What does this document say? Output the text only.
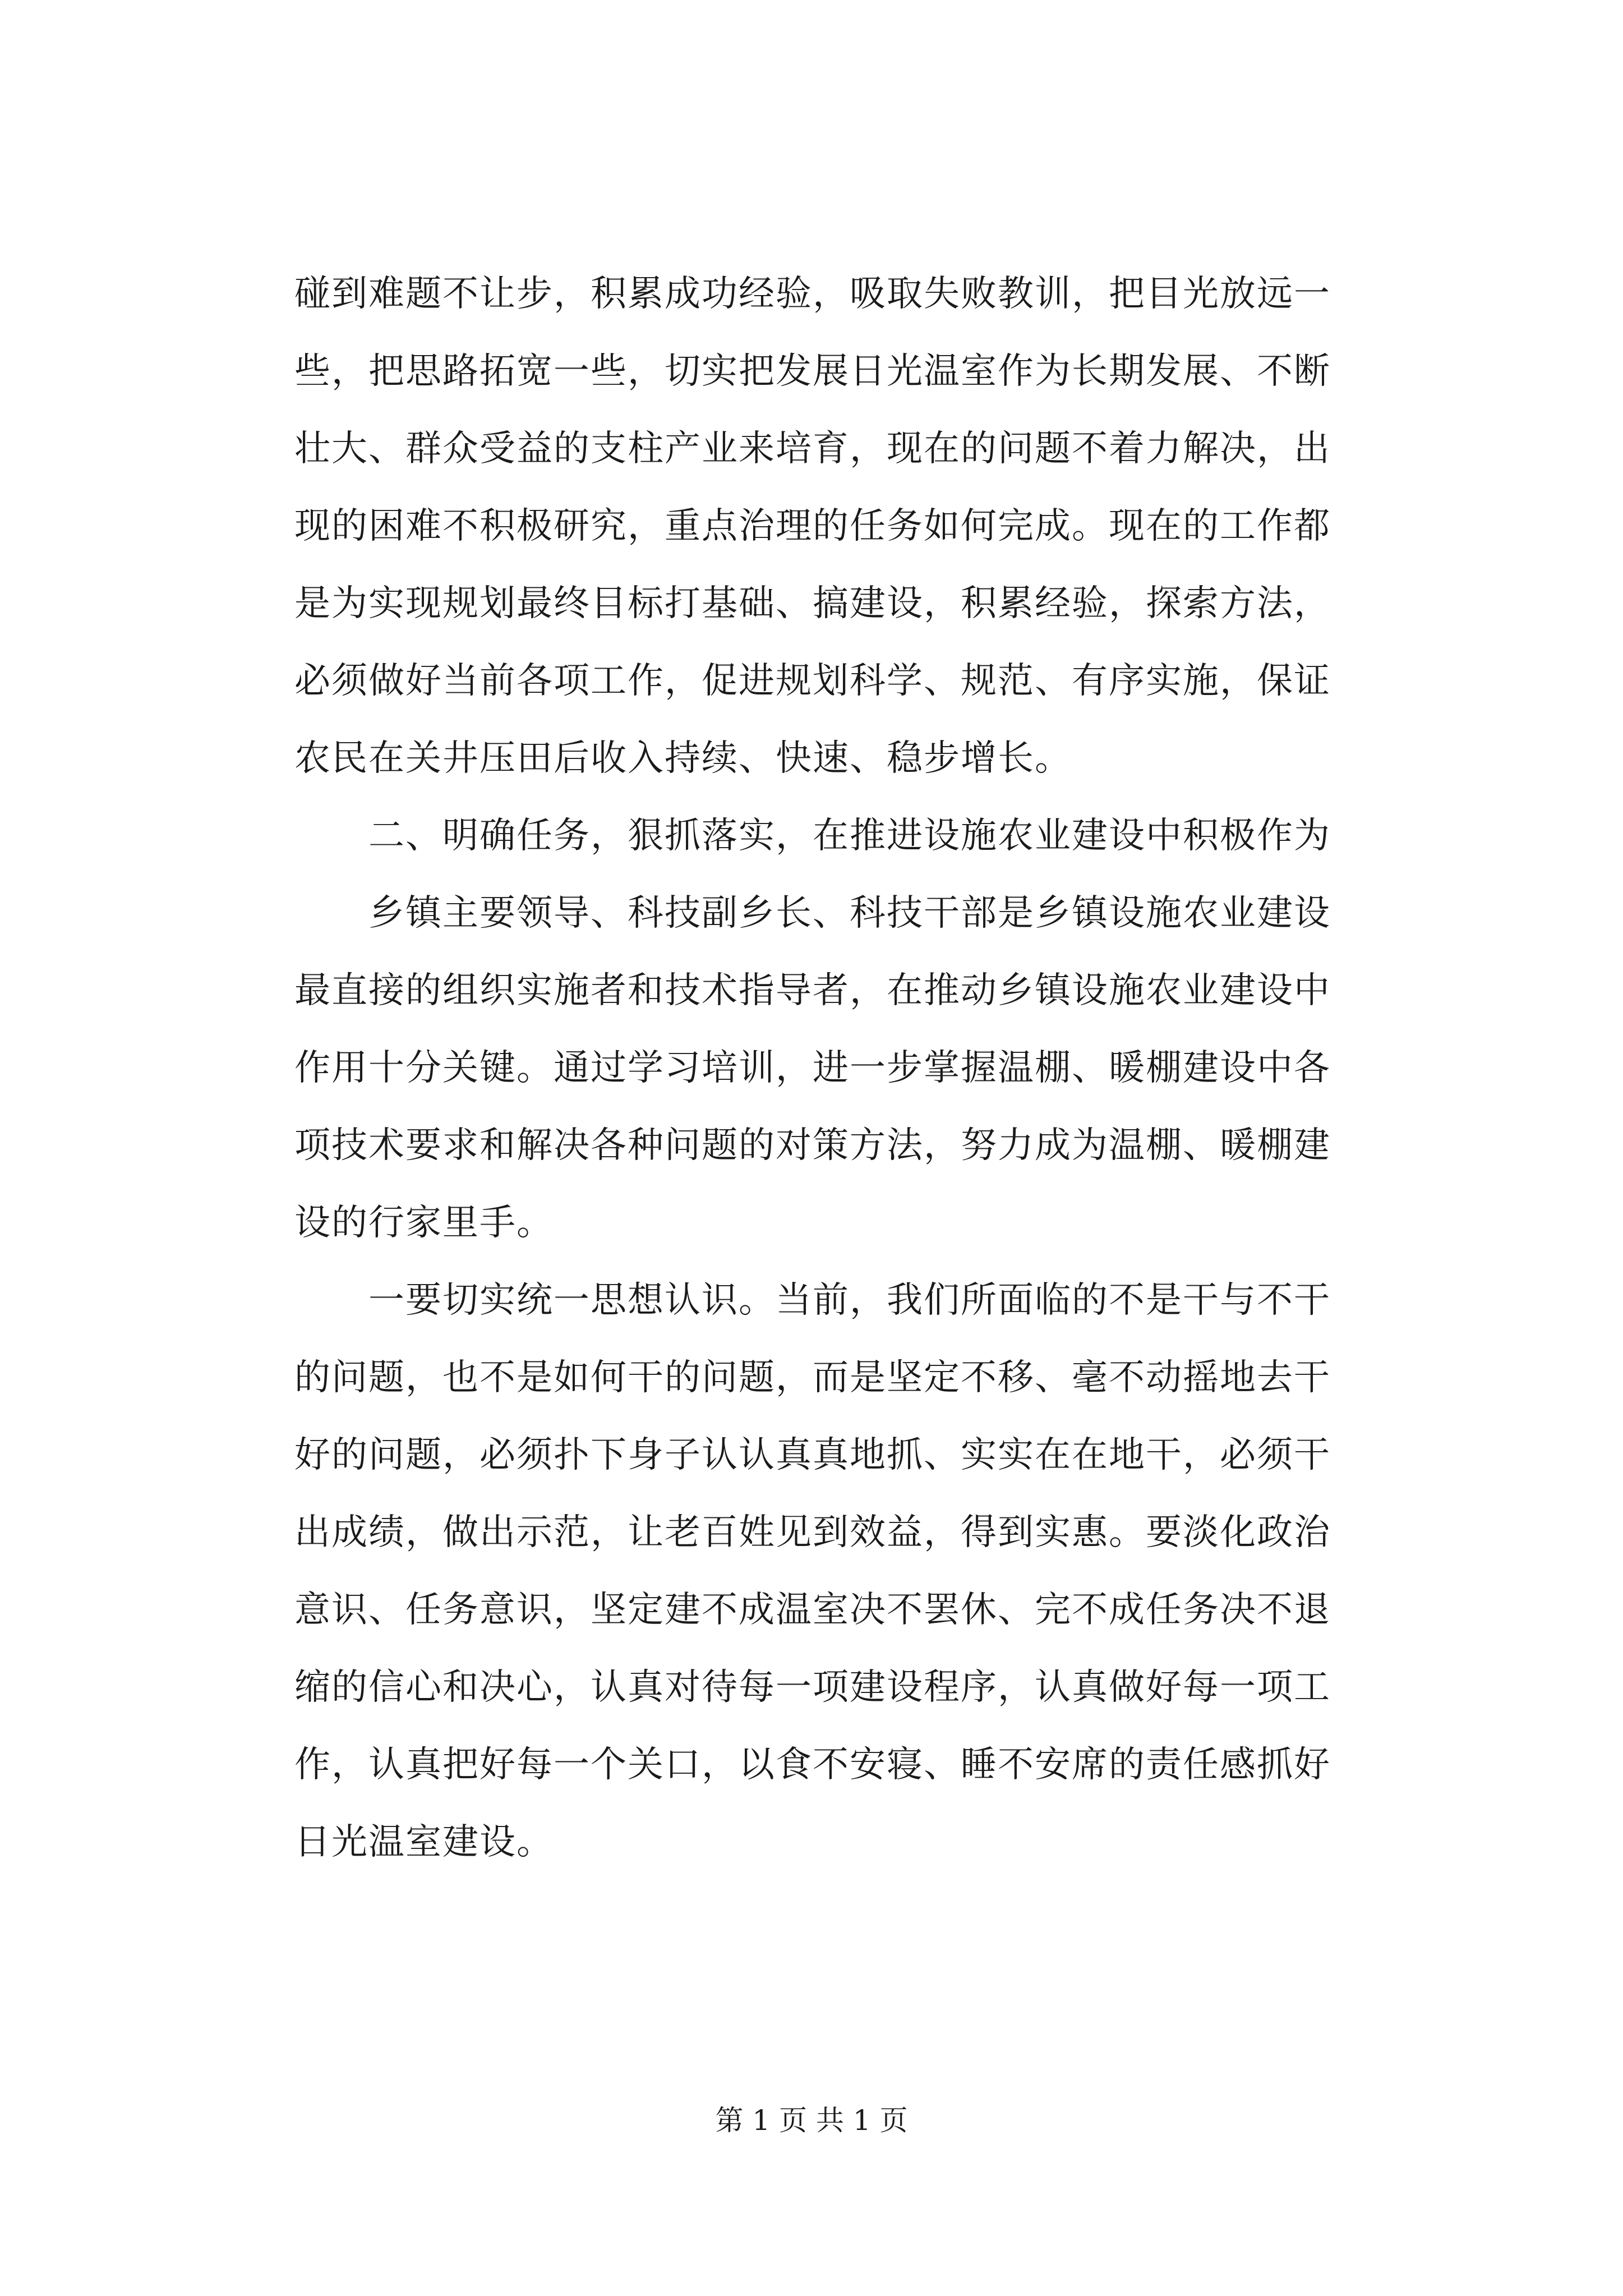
碰到难题不让步，积累成功经验，吸取失败教训，把目光放远一
些，把思路拓宽一些，切实把发展日光温室作为长期发展、不断
壮大、群众受益的支柱产业来培育，现在的问题不着力解决，出
现的困难不积极研究，重点治理的任务如何完成。现在的工作都
是为实现规划最终目标打基础、搞建设，积累经验，探索方法，
必须做好当前各项工作，促进规划科学、规范、有序实施，保证
农民在关井压田后收入持续、快速、稳步增长。
二、明确任务，狠抓落实，在推进设施农业建设中积极作为
乡镇主要领导、科技副乡长、科技干部是乡镇设施农业建设
最直接的组织实施者和技术指导者，在推动乡镇设施农业建设中
作用十分关键。通过学习培训，进一步掌握温棚、暖棚建设中各
项技术要求和解决各种问题的对策方法，努力成为温棚、暖棚建
设的行家里手。
一要切实统一思想认识。当前，我们所面临的不是干与不干
的问题，也不是如何干的问题，而是坚定不移、毫不动摇地去干
好的问题，必须扑下身子认认真真地抓、实实在在地干，必须干
出成绩，做出示范，让老百姓见到效益，得到实惠。要淡化政治
意识、任务意识，坚定建不成温室决不罢休、完不成任务决不退
缩的信心和决心，认真对待每一项建设程序，认真做好每一项工
作，认真把好每一个关口，以食不安寝、睡不安席的责任感抓好
日光温室建设。
第 1 页 共 1 页
